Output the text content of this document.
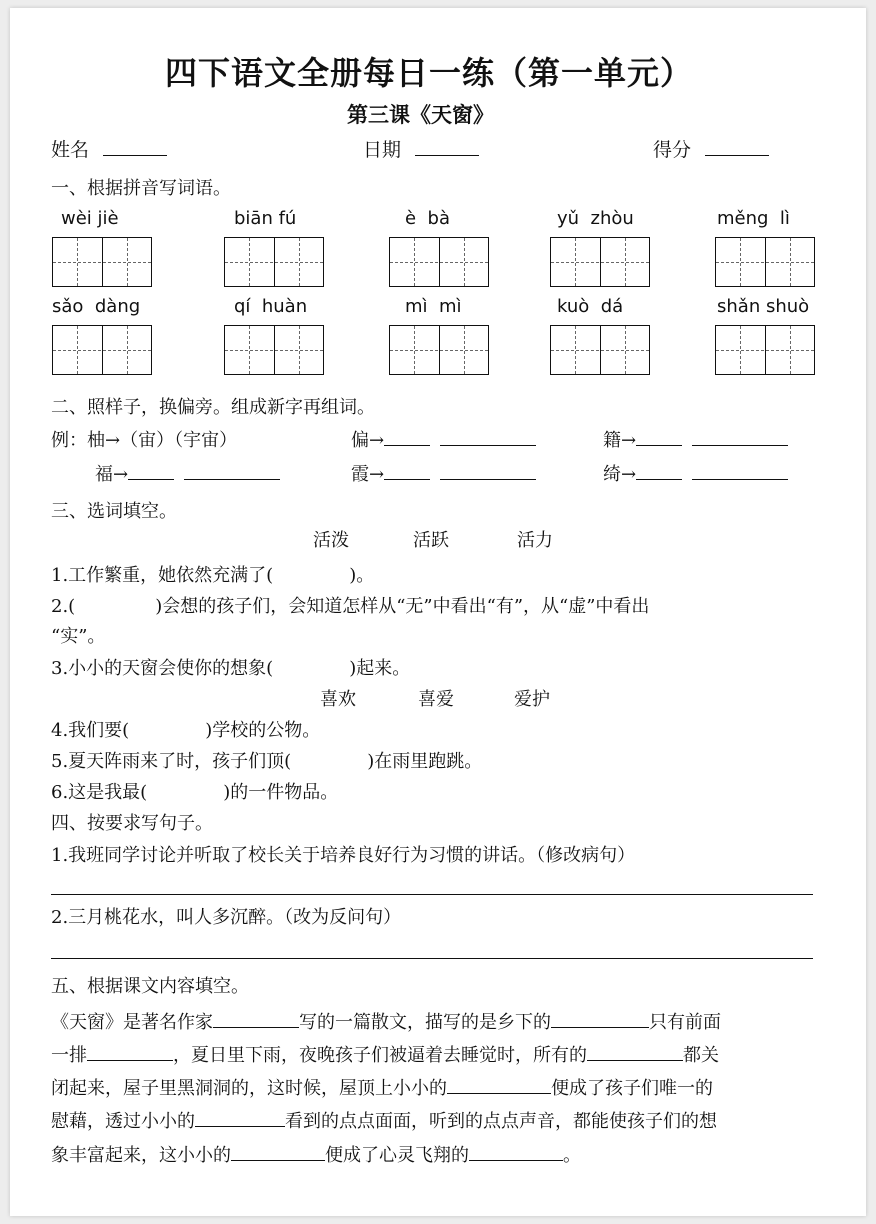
四下语文全册每日一练（第一单元）
第三课《天窗》
姓名	日期	得分
一、根据拼音写词语。
wèi jiè	biān fú	è  bà	yǔ  zhòu	měng  lì
sǎo  dàng	qí  huàn	mì  mì	kuò  dá	shǎn shuò
二、照样子，换偏旁。组成新字再组词。
例：柚→（宙）（宇宙）	偏→	籍→
福→	霞→	绮→
三、选词填空。
活泼	活跃	活力
1.工作繁重，她依然充满了(	)。
2.(	)会想的孩子们，会知道怎样从“无”中看出“有”，从“虚”中看出
“实”。
3.小小的天窗会使你的想象(	)起来。
喜欢	喜爱	爱护
4.我们要(	)学校的公物。
5.夏天阵雨来了时，孩子们顶(	)在雨里跑跳。
6.这是我最(	)的一件物品。
四、按要求写句子。
1.我班同学讨论并听取了校长关于培养良好行为习惯的讲话。（修改病句）
2.三月桃花水，叫人多沉醉。（改为反问句）
五、根据课文内容填空。
《天窗》是著名作家	写的一篇散文，描写的是乡下的	只有前面
一排	，夏日里下雨，夜晚孩子们被逼着去睡觉时，所有的	都关
闭起来，屋子里黑洞洞的，这时候，屋顶上小小的	便成了孩子们唯一的
慰藉，透过小小的	看到的点点面面，听到的点点声音，都能使孩子们的想
象丰富起来，这小小的	便成了心灵飞翔的	。
